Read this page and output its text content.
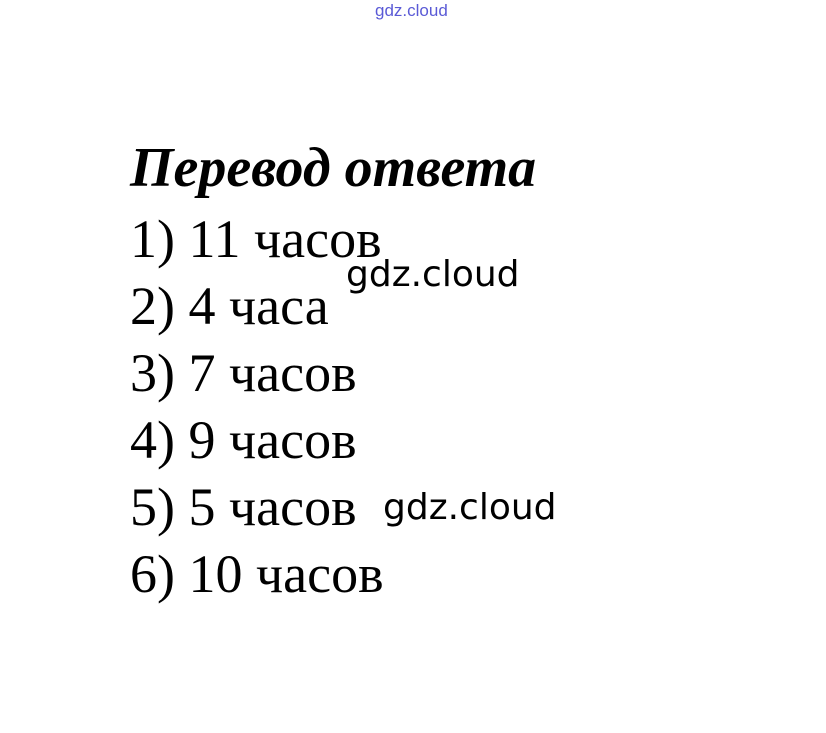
gdz.cloud
Перевод ответа
1) 11 часов
2) 4 часа
3) 7 часов
4) 9 часов
5) 5 часов
6) 10 часов
gdz.cloud
gdz.cloud
